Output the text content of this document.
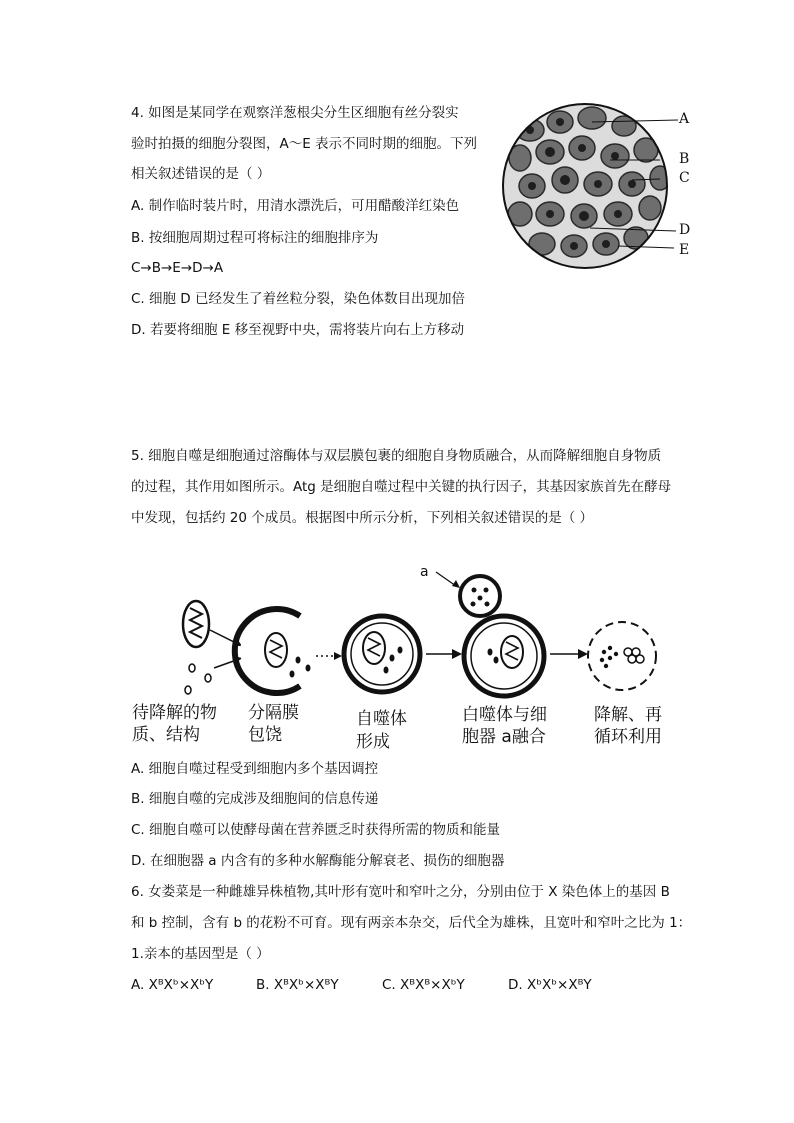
4. 如图是某同学在观察洋葱根尖分生区细胞有丝分裂实
验时拍摄的细胞分裂图，A～E 表示不同时期的细胞。下列
相关叙述错误的是（ ）
A. 制作临时装片时，用清水漂洗后，可用醋酸洋红染色
B. 按细胞周期过程可将标注的细胞排序为
C→B→E→D→A
C. 细胞 D 已经发生了着丝粒分裂，染色体数目出现加倍
D. 若要将细胞 E 移至视野中央，需将装片向右上方移动
A
B
C
D
E
5. 细胞自噬是细胞通过溶酶体与双层膜包裹的细胞自身物质融合，从而降解细胞自身物质
的过程，其作用如图所示。Atg 是细胞自噬过程中关键的执行因子，其基因家族首先在酵母
中发现，包括约 20 个成员。根据图中所示分析，下列相关叙述错误的是（ ）
a
待降解的物
质、结构
分隔膜
包饶
自噬体
形成
白噬体与细
胞器 a融合
降解、再
循环利用
A. 细胞自噬过程受到细胞内多个基因调控
B. 细胞自噬的完成涉及细胞间的信息传递
C. 细胞自噬可以使酵母菌在营养匮乏时获得所需的物质和能量
D. 在细胞器 a 内含有的多种水解酶能分解衰老、损伤的细胞器
6. 女娄菜是一种雌雄异株植物,其叶形有宽叶和窄叶之分，分别由位于 X 染色体上的基因 B
和 b 控制，含有 b 的花粉不可育。现有两亲本杂交，后代全为雄株，且宽叶和窄叶之比为 1：
1.亲本的基因型是（ ）
A. XᴮXᵇ×XᵇY	B. XᴮXᵇ×XᴮY	C. XᴮXᴮ×XᵇY	D. XᵇXᵇ×XᴮY
